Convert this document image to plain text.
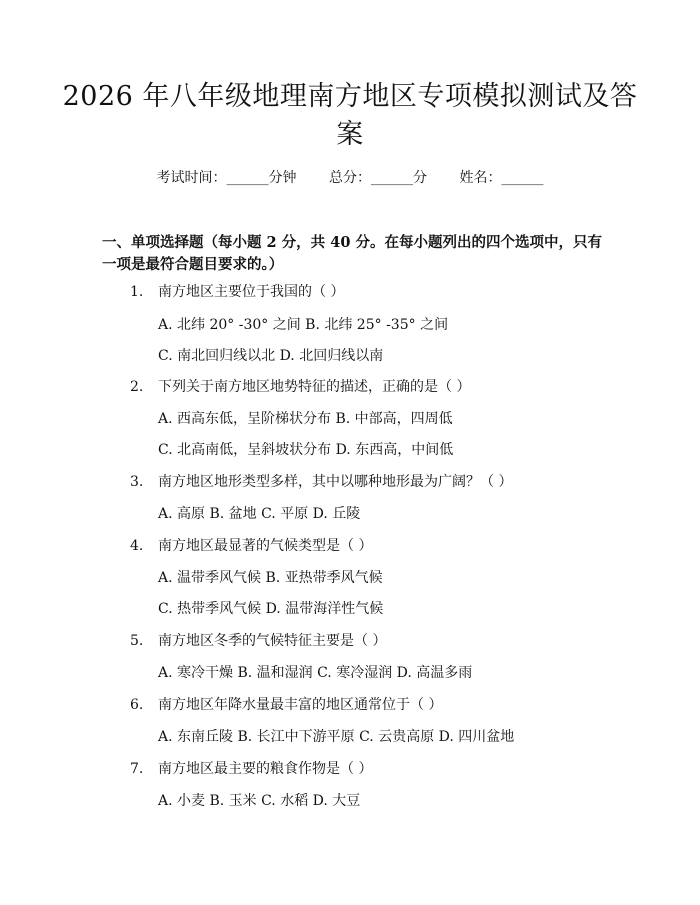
2026 年八年级地理南方地区专项模拟测试及答案
考试时间：______分钟 总分：______分 姓名：______

一、单项选择题（每小题 2 分，共 40 分。在每小题列出的四个选项中，只有一项是最符合题目要求的。）

1. 南方地区主要位于我国的（ ）
A. 北纬 20° -30° 之间 B. 北纬 25° -35° 之间
C. 南北回归线以北 D. 北回归线以南
2. 下列关于南方地区地势特征的描述，正确的是（ ）
A. 西高东低，呈阶梯状分布 B. 中部高，四周低
C. 北高南低，呈斜坡状分布 D. 东西高，中间低
3. 南方地区地形类型多样，其中以哪种地形最为广阔？（ ）
A. 高原 B. 盆地 C. 平原 D. 丘陵
4. 南方地区最显著的气候类型是（ ）
A. 温带季风气候 B. 亚热带季风气候
C. 热带季风气候 D. 温带海洋性气候
5. 南方地区冬季的气候特征主要是（ ）
A. 寒冷干燥 B. 温和湿润 C. 寒冷湿润 D. 高温多雨
6. 南方地区年降水量最丰富的地区通常位于（ ）
A. 东南丘陵 B. 长江中下游平原 C. 云贵高原 D. 四川盆地
7. 南方地区最主要的粮食作物是（ ）
A. 小麦 B. 玉米 C. 水稻 D. 大豆
